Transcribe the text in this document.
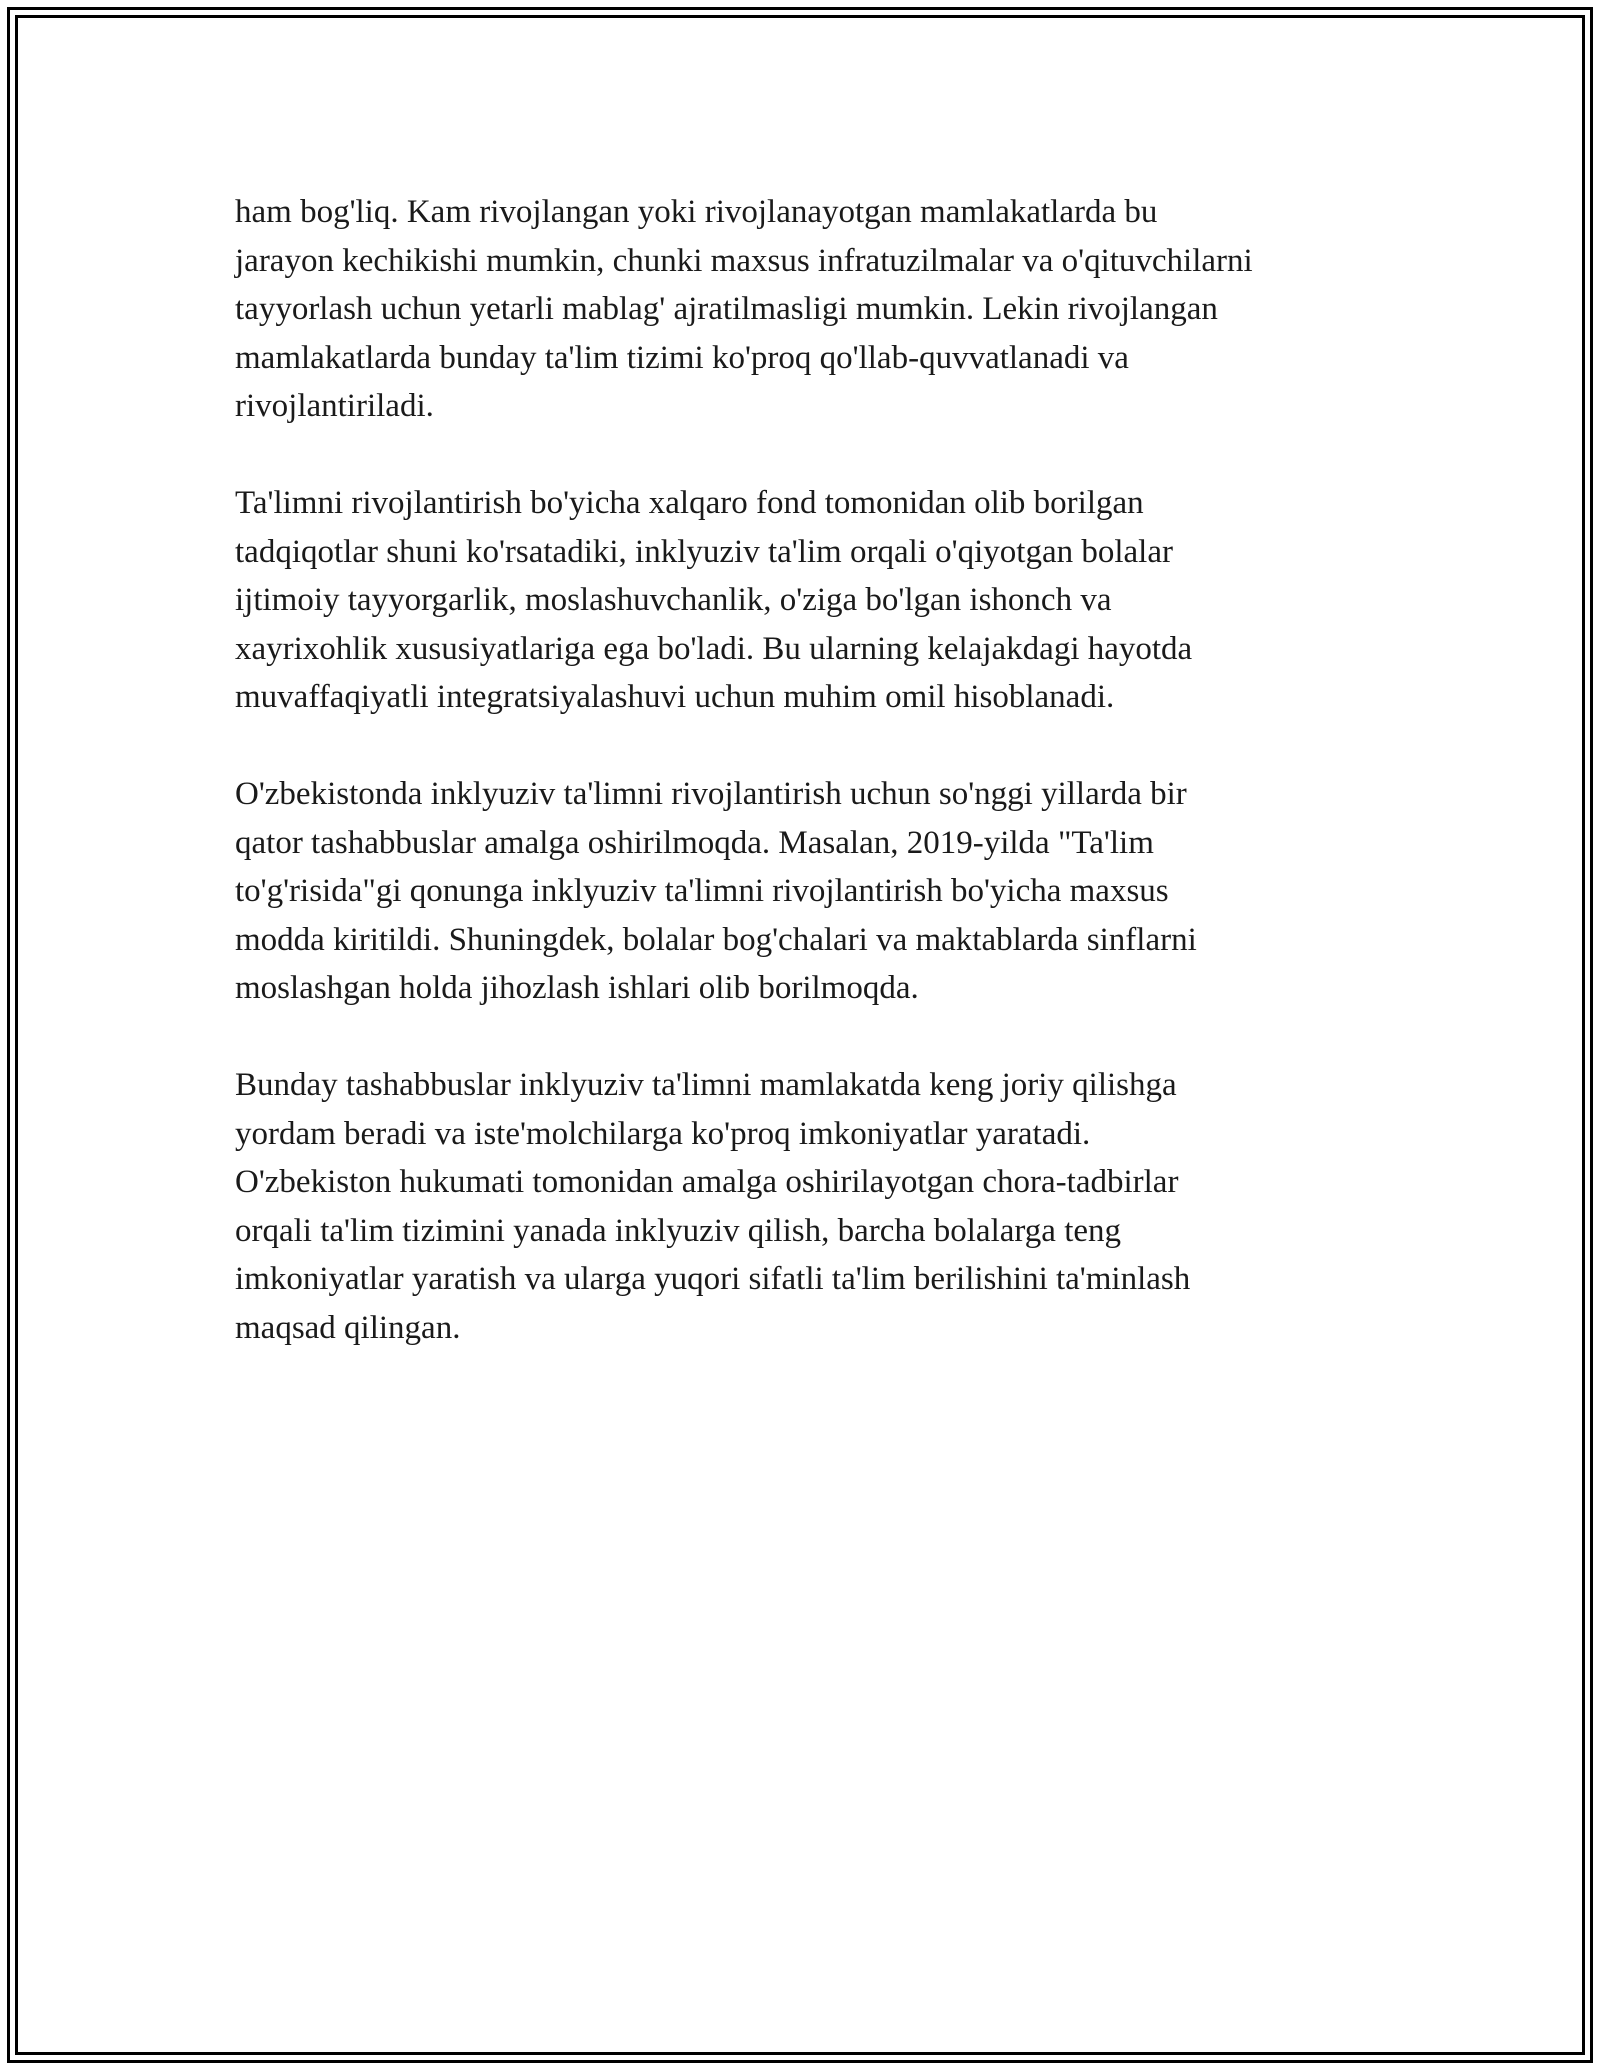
ham bog'liq. Kam rivojlangan yoki rivojlanayotgan mamlakatlarda bu
jarayon kechikishi mumkin, chunki maxsus infratuzilmalar va o'qituvchilarni
tayyorlash uchun yetarli mablag' ajratilmasligi mumkin. Lekin rivojlangan
mamlakatlarda bunday ta'lim tizimi ko'proq qo'llab-quvvatlanadi va
rivojlantiriladi.

Ta'limni rivojlantirish bo'yicha xalqaro fond tomonidan olib borilgan
tadqiqotlar shuni ko'rsatadiki, inklyuziv ta'lim orqali o'qiyotgan bolalar
ijtimoiy tayyorgarlik, moslashuvchanlik, o'ziga bo'lgan ishonch va
xayrixohlik xususiyatlariga ega bo'ladi. Bu ularning kelajakdagi hayotda
muvaffaqiyatli integratsiyalashuvi uchun muhim omil hisoblanadi.

O'zbekistonda inklyuziv ta'limni rivojlantirish uchun so'nggi yillarda bir
qator tashabbuslar amalga oshirilmoqda. Masalan, 2019-yilda "Ta'lim
to'g'risida"gi qonunga inklyuziv ta'limni rivojlantirish bo'yicha maxsus
modda kiritildi. Shuningdek, bolalar bog'chalari va maktablarda sinflarni
moslashgan holda jihozlash ishlari olib borilmoqda.

Bunday tashabbuslar inklyuziv ta'limni mamlakatda keng joriy qilishga
yordam beradi va iste'molchilarga ko'proq imkoniyatlar yaratadi.
O'zbekiston hukumati tomonidan amalga oshirilayotgan chora-tadbirlar
orqali ta'lim tizimini yanada inklyuziv qilish, barcha bolalarga teng
imkoniyatlar yaratish va ularga yuqori sifatli ta'lim berilishini ta'minlash
maqsad qilingan.
